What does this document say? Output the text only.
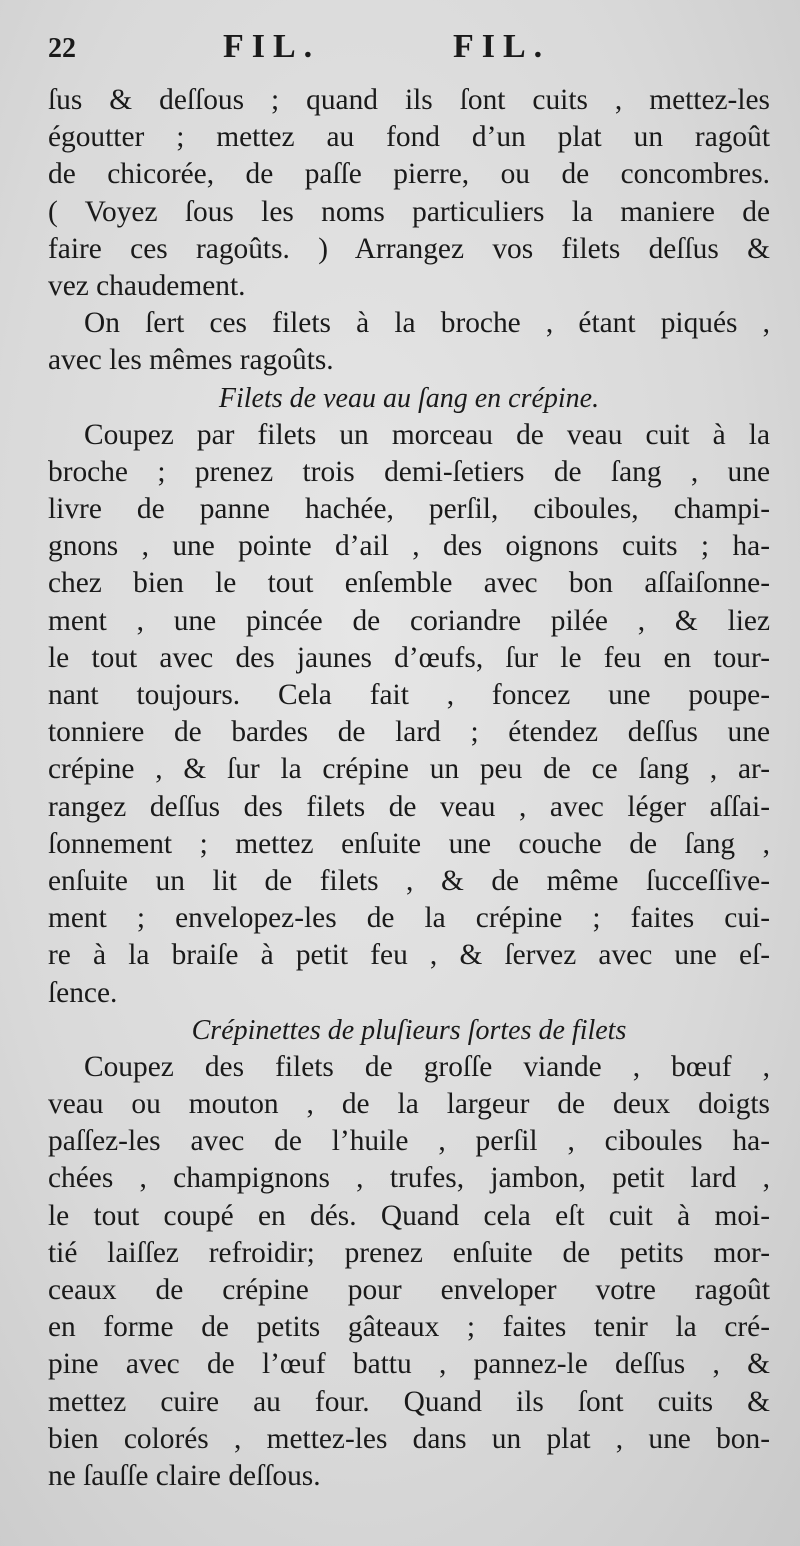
22	FIL.	FIL.
ſus & deſſous ; quand ils ſont cuits , mettez-les
égoutter ; mettez au fond d’un plat un ragoût
de chicorée, de paſſe pierre, ou de concombres.
( Voyez ſous les noms particuliers la maniere de
faire ces ragoûts. ) Arrangez vos filets deſſus &
vez chaudement.
On ſert ces filets à la broche , étant piqués ,
avec les mêmes ragoûts.
Filets de veau au ſang en crépine.
Coupez par filets un morceau de veau cuit à la
broche ; prenez trois demi-ſetiers de ſang , une
livre de panne hachée, perſil, ciboules, champi-
gnons , une pointe d’ail , des oignons cuits ; ha-
chez bien le tout enſemble avec bon aſſaiſonne-
ment , une pincée de coriandre pilée , & liez
le tout avec des jaunes d’œufs, ſur le feu en tour-
nant toujours. Cela fait , foncez une poupe-
tonniere de bardes de lard ; étendez deſſus une
crépine , & ſur la crépine un peu de ce ſang , ar-
rangez deſſus des filets de veau , avec léger aſſai-
ſonnement ; mettez enſuite une couche de ſang ,
enſuite un lit de filets , & de même ſucceſſive-
ment ; envelopez-les de la crépine ; faites cui-
re à la braiſe à petit feu , & ſervez avec une eſ-
ſence.
Crépinettes de pluſieurs ſortes de filets
Coupez des filets de groſſe viande , bœuf ,
veau ou mouton , de la largeur de deux doigts
paſſez-les avec de l’huile , perſil , ciboules ha-
chées , champignons , trufes, jambon, petit lard ,
le tout coupé en dés. Quand cela eſt cuit à moi-
tié laiſſez refroidir; prenez enſuite de petits mor-
ceaux de crépine pour enveloper votre ragoût
en forme de petits gâteaux ; faites tenir la cré-
pine avec de l’œuf battu , pannez-le deſſus , &
mettez cuire au four. Quand ils ſont cuits &
bien colorés , mettez-les dans un plat , une bon-
ne ſauſſe claire deſſous.
